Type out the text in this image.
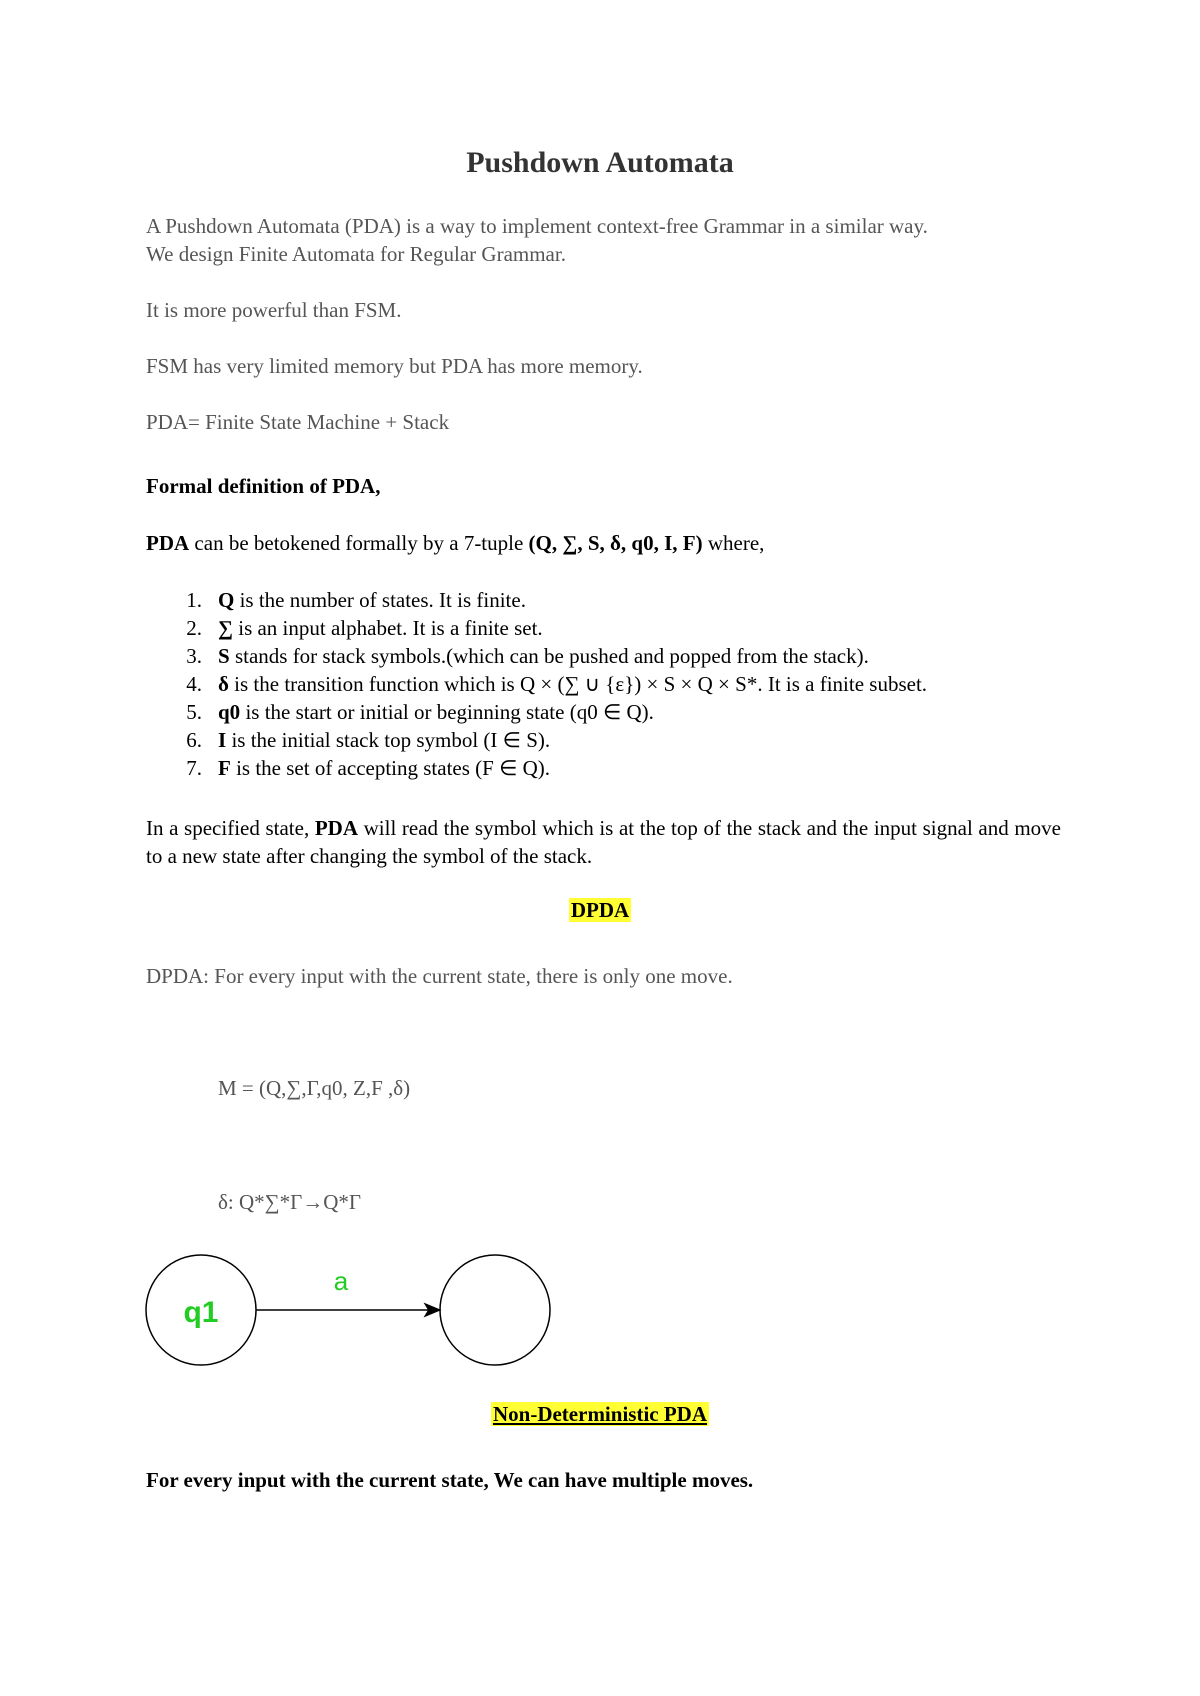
Pushdown Automata
A Pushdown Automata (PDA) is a way to implement context-free Grammar in a similar way.
We design Finite Automata for Regular Grammar.
It is more powerful than FSM.
FSM has very limited memory but PDA has more memory.
PDA= Finite State Machine + Stack
Formal definition of PDA,
PDA can be betokened formally by a 7-tuple (Q, ∑, S, δ, q0, I, F) where,
1. Q is the number of states. It is finite.
2. ∑ is an input alphabet. It is a finite set.
3. S stands for stack symbols.(which can be pushed and popped from the stack).
4. δ is the transition function which is Q × (∑ ∪ {ε}) × S × Q × S*. It is a finite subset.
5. q0 is the start or initial or beginning state (q0 ∈ Q).
6. I is the initial stack top symbol (I ∈ S).
7. F is the set of accepting states (F ∈ Q).
In a specified state, PDA will read the symbol which is at the top of the stack and the input signal and move to a new state after changing the symbol of the stack.
DPDA
DPDA: For every input with the current state, there is only one move.
M = (Q,∑,Γ,q0, Z,F ,δ)
δ: Q*∑*Γ→Q*Γ
q1
a
Non-Deterministic PDA
For every input with the current state, We can have multiple moves.
